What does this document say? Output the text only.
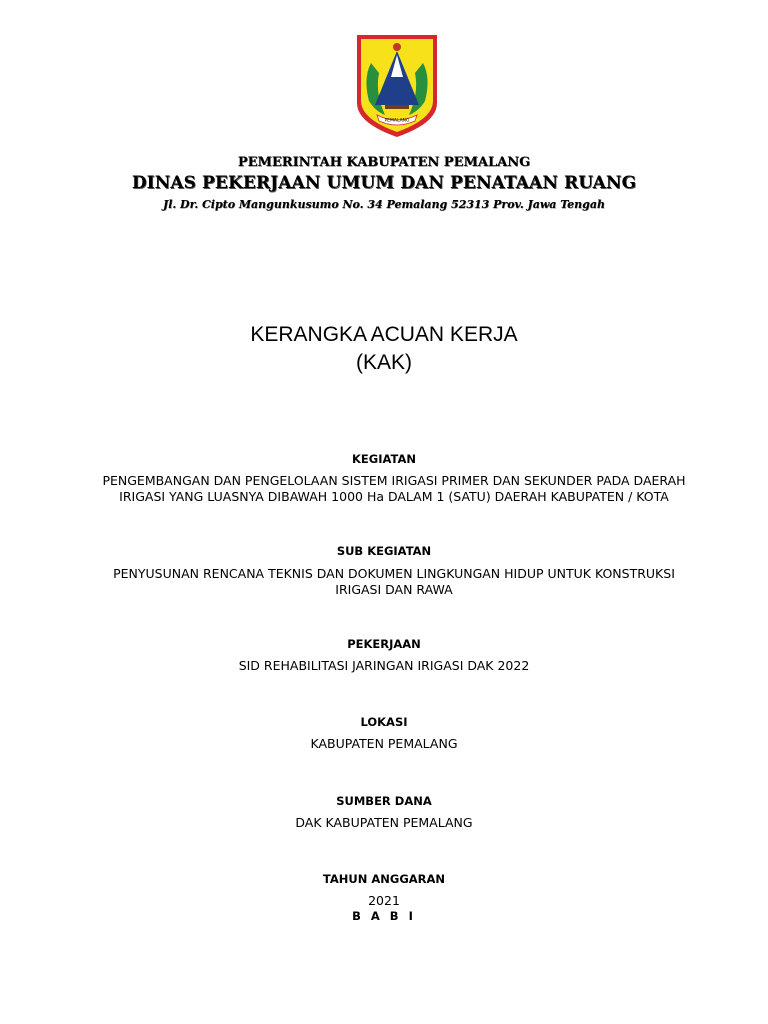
PEMALANG
PEMERINTAH KABUPATEN PEMALANG
DINAS PEKERJAAN UMUM DAN PENATAAN RUANG
Jl. Dr. Cipto Mangunkusumo No. 34 Pemalang 52313 Prov. Jawa Tengah
KERANGKA ACUAN KERJA
(KAK)
KEGIATAN
PENGEMBANGAN DAN PENGELOLAAN SISTEM IRIGASI PRIMER DAN SEKUNDER PADA DAERAH IRIGASI YANG LUASNYA DIBAWAH 1000 Ha DALAM 1 (SATU) DAERAH KABUPATEN / KOTA
SUB KEGIATAN
PENYUSUNAN RENCANA TEKNIS DAN DOKUMEN LINGKUNGAN HIDUP UNTUK KONSTRUKSI IRIGASI DAN RAWA
PEKERJAAN
SID REHABILITASI JARINGAN IRIGASI DAK 2022
LOKASI
KABUPATEN PEMALANG
SUMBER DANA
DAK KABUPATEN PEMALANG
TAHUN ANGGARAN
2021
B A B I
